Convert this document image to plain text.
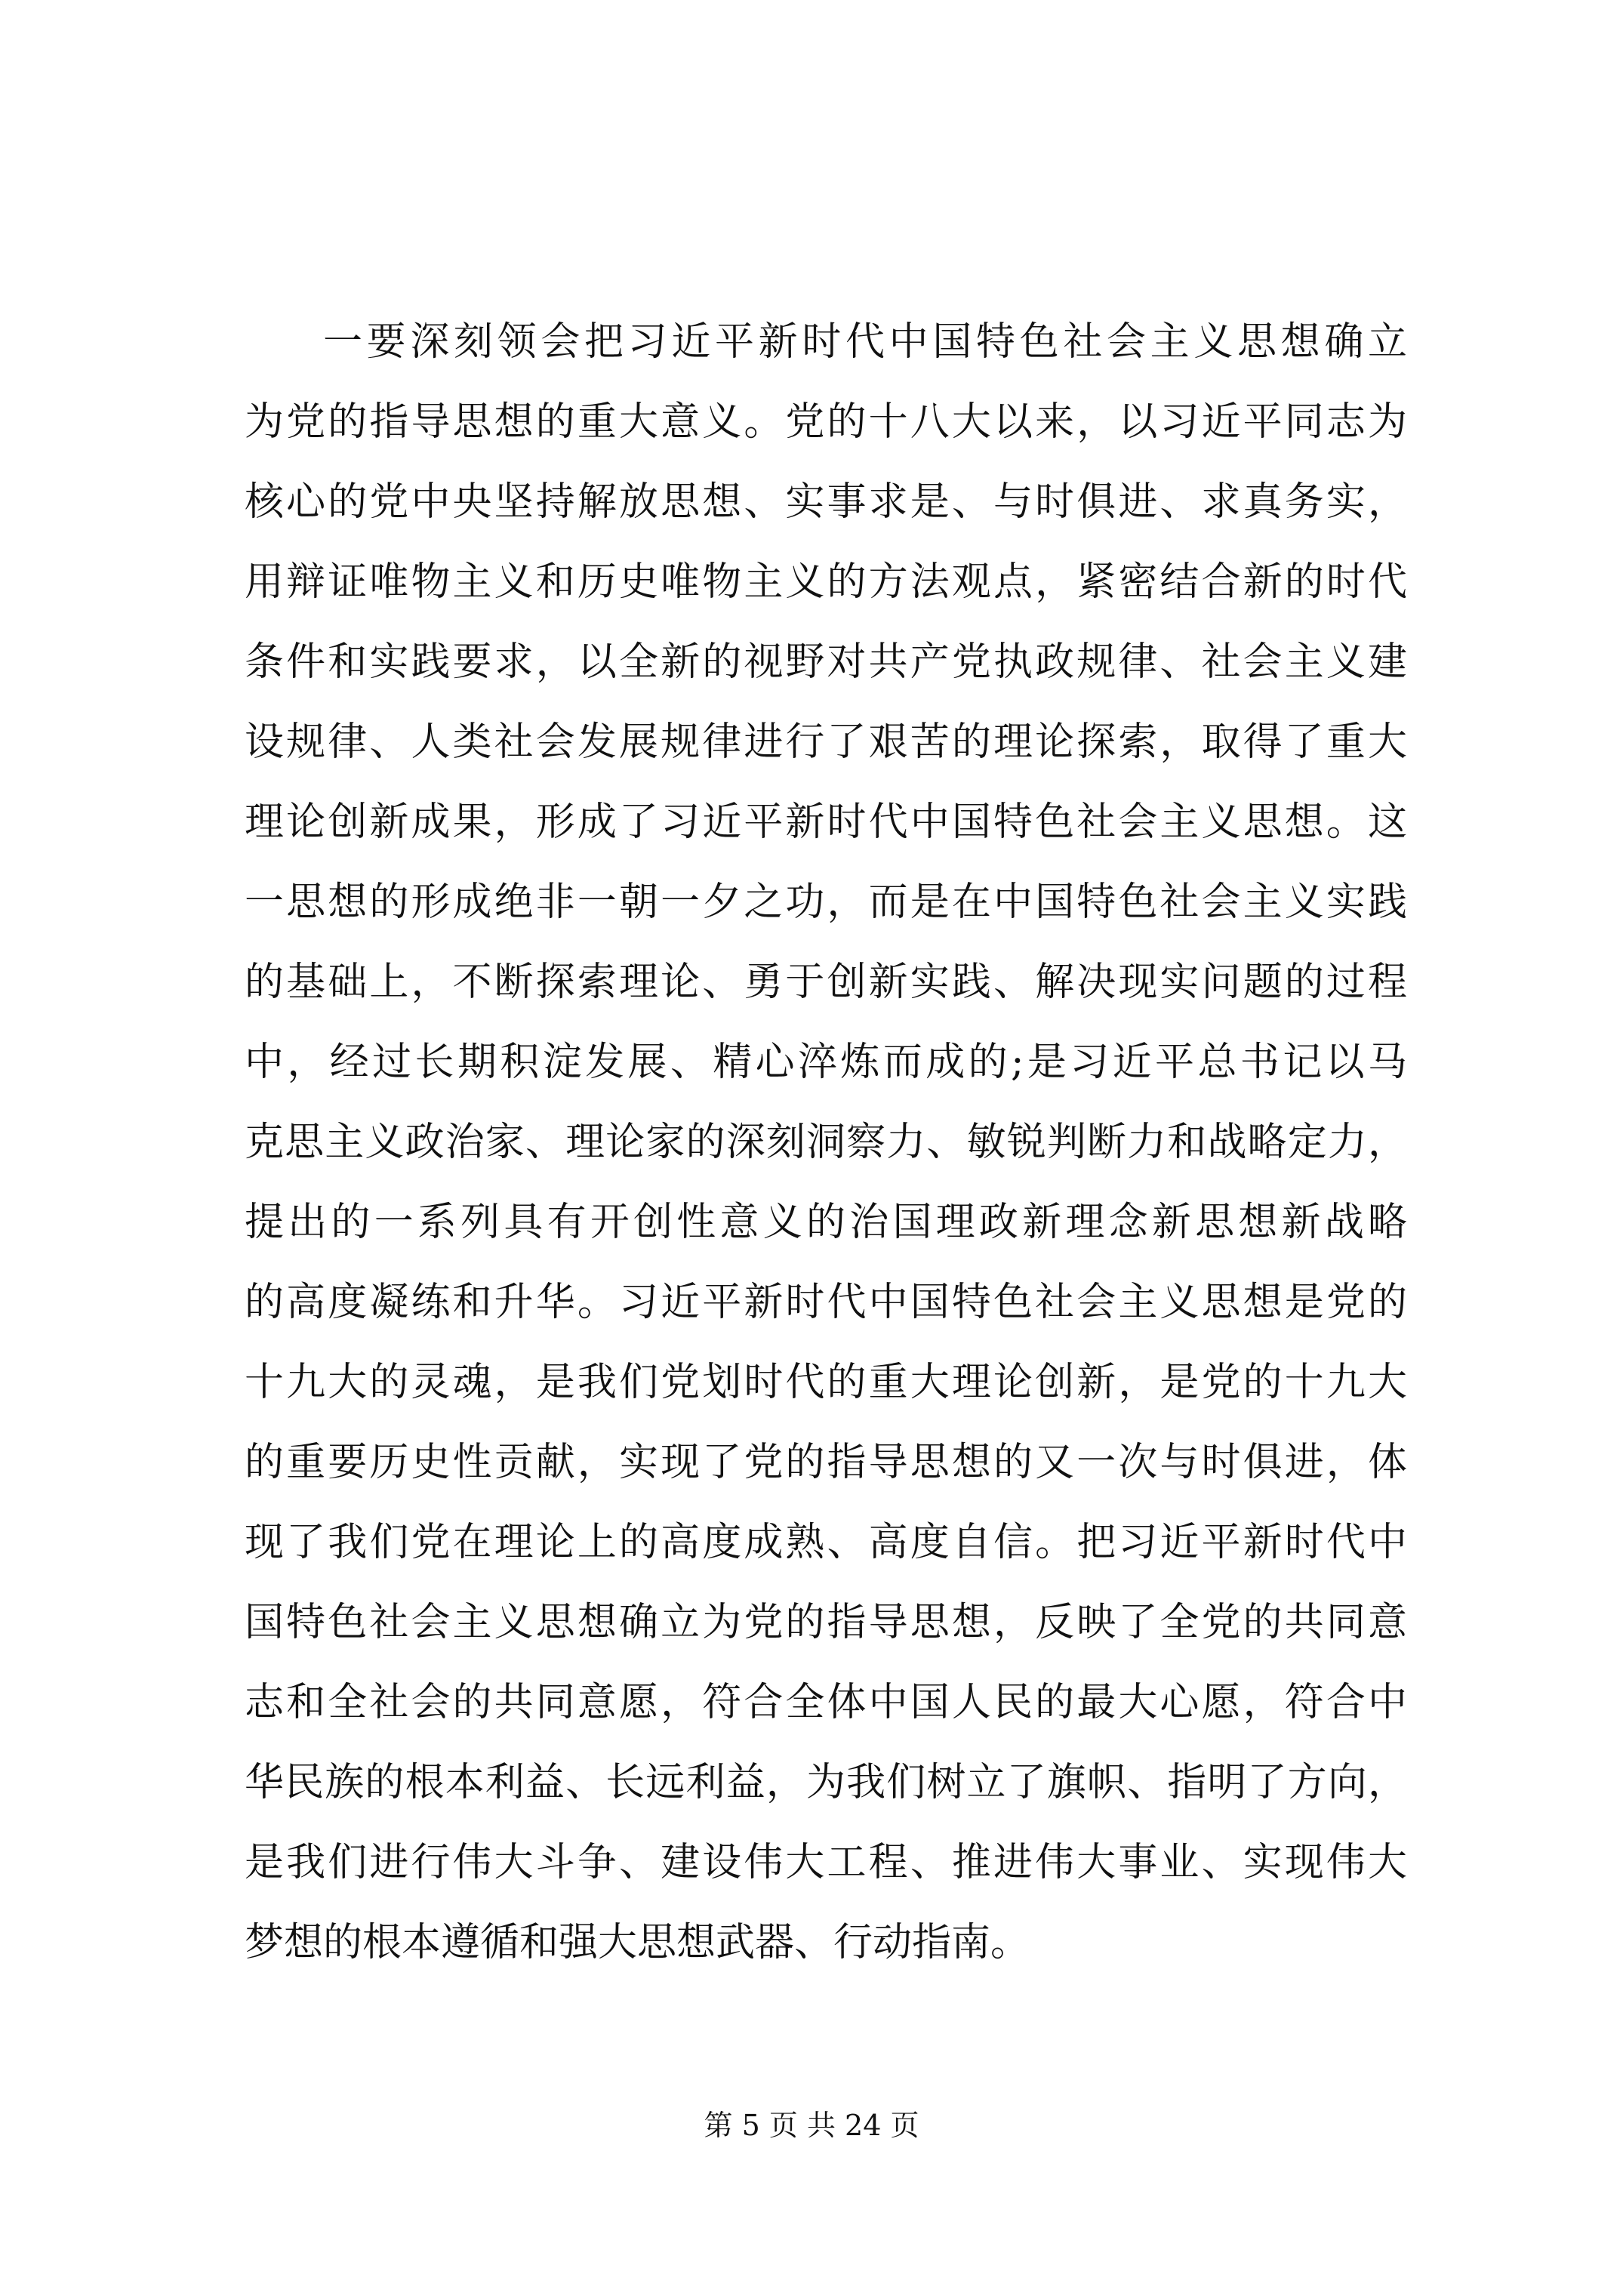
一要深刻领会把习近平新时代中国特色社会主义思想确立
为党的指导思想的重大意义。党的十八大以来，以习近平同志为
核心的党中央坚持解放思想、实事求是、与时俱进、求真务实，
用辩证唯物主义和历史唯物主义的方法观点，紧密结合新的时代
条件和实践要求，以全新的视野对共产党执政规律、社会主义建
设规律、人类社会发展规律进行了艰苦的理论探索，取得了重大
理论创新成果，形成了习近平新时代中国特色社会主义思想。这
一思想的形成绝非一朝一夕之功，而是在中国特色社会主义实践
的基础上，不断探索理论、勇于创新实践、解决现实问题的过程
中，经过长期积淀发展、精心淬炼而成的;是习近平总书记以马
克思主义政治家、理论家的深刻洞察力、敏锐判断力和战略定力，
提出的一系列具有开创性意义的治国理政新理念新思想新战略
的高度凝练和升华。习近平新时代中国特色社会主义思想是党的
十九大的灵魂，是我们党划时代的重大理论创新，是党的十九大
的重要历史性贡献，实现了党的指导思想的又一次与时俱进，体
现了我们党在理论上的高度成熟、高度自信。把习近平新时代中
国特色社会主义思想确立为党的指导思想，反映了全党的共同意
志和全社会的共同意愿，符合全体中国人民的最大心愿，符合中
华民族的根本利益、长远利益，为我们树立了旗帜、指明了方向，
是我们进行伟大斗争、建设伟大工程、推进伟大事业、实现伟大
梦想的根本遵循和强大思想武器、行动指南。
第 5 页 共 24 页
